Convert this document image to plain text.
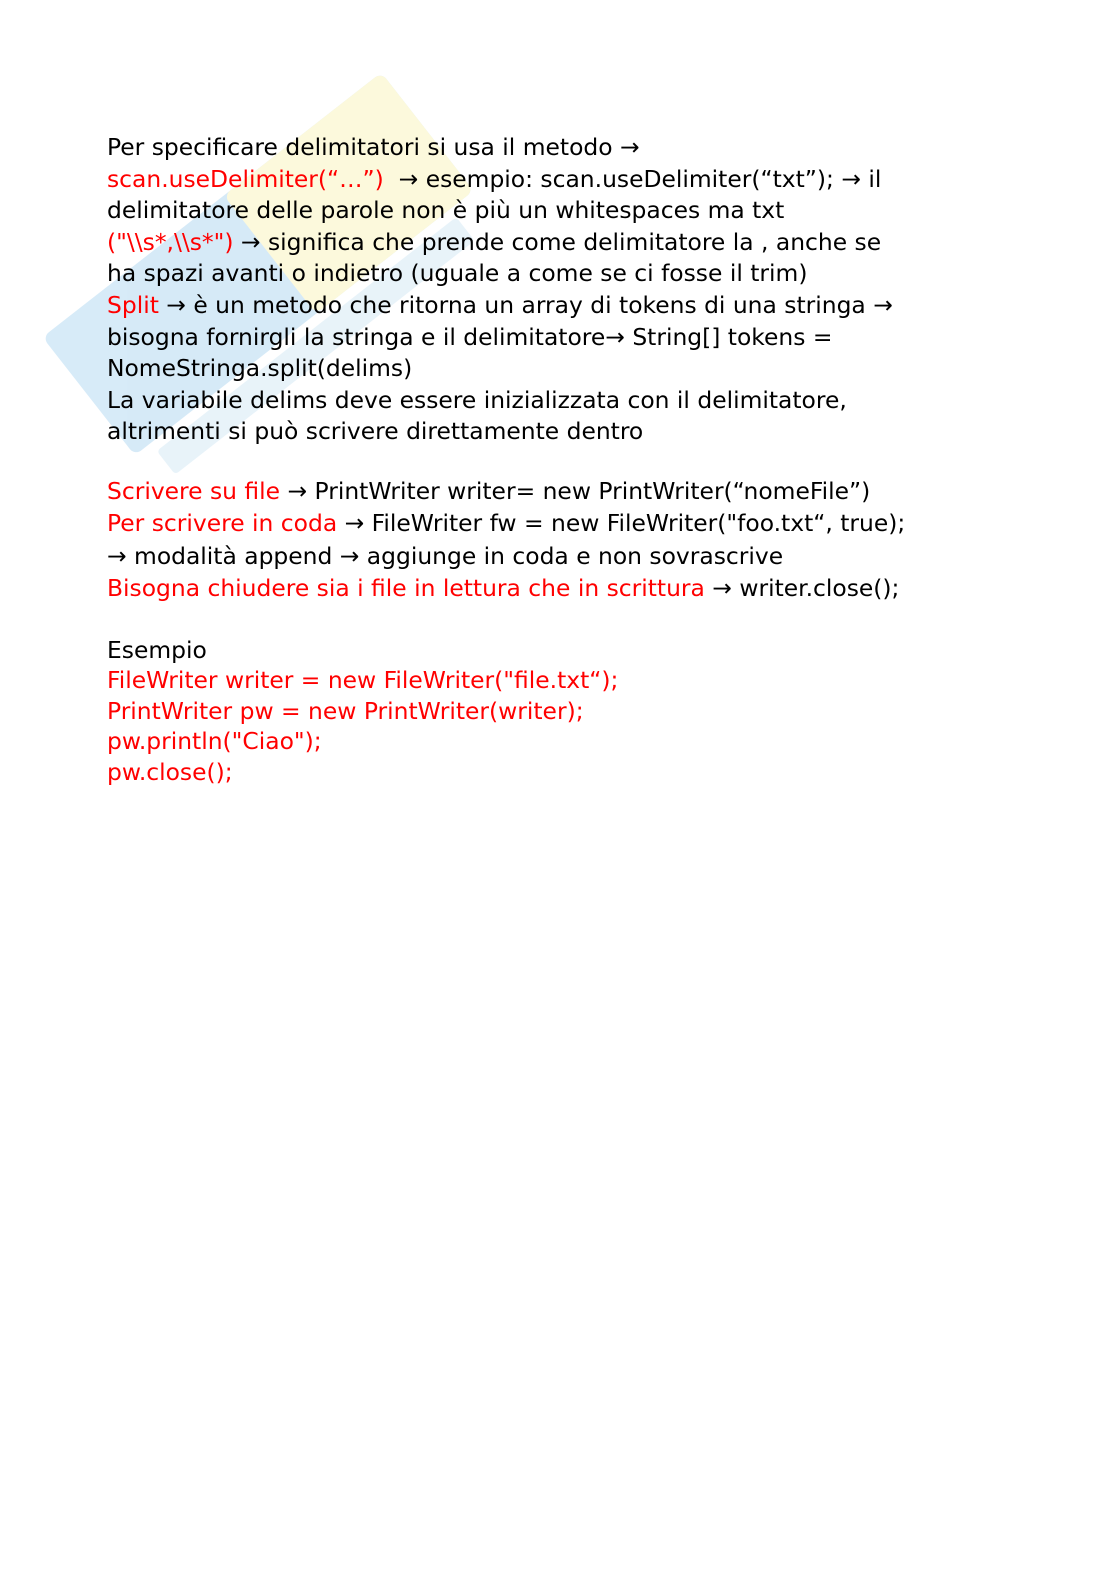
Per specificare delimitatori si usa il metodo →
scan.useDelimiter(“…”)  → esempio: scan.useDelimiter(“txt”); → il
delimitatore delle parole non è più un whitespaces ma txt
("\\s*,\\s*") → significa che prende come delimitatore la , anche se
ha spazi avanti o indietro (uguale a come se ci fosse il trim)
Split → è un metodo che ritorna un array di tokens di una stringa →
bisogna fornirgli la stringa e il delimitatore→ String[] tokens =
NomeStringa.split(delims)
La variabile delims deve essere inizializzata con il delimitatore,
altrimenti si può scrivere direttamente dentro
Scrivere su file → PrintWriter writer= new PrintWriter(“nomeFile”)
Per scrivere in coda → FileWriter fw = new FileWriter("foo.txt“, true);
→ modalità append → aggiunge in coda e non sovrascrive
Bisogna chiudere sia i file in lettura che in scrittura → writer.close();
Esempio
FileWriter writer = new FileWriter("file.txt“);
PrintWriter pw = new PrintWriter(writer);
pw.println("Ciao");
pw.close();
